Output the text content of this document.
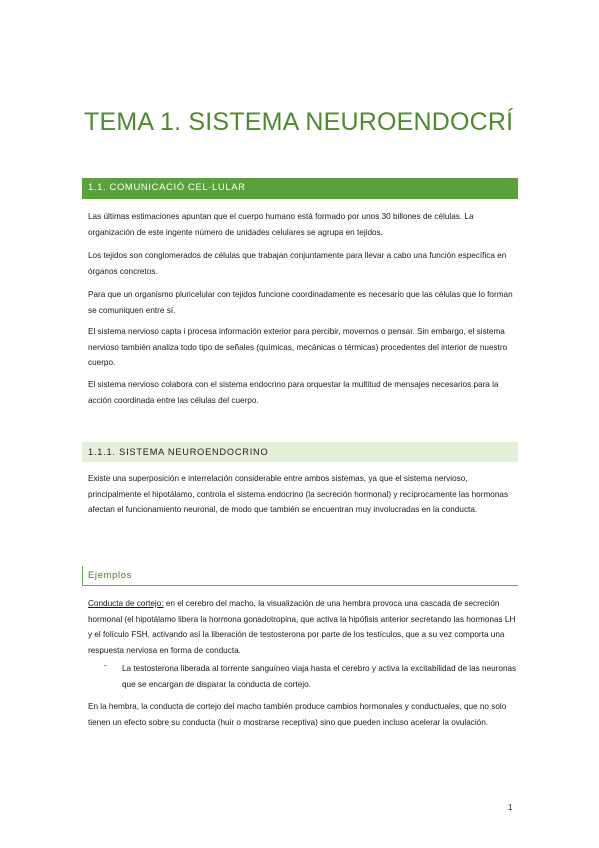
TEMA 1. SISTEMA NEUROENDOCRÍ
1.1. COMUNICACIÓ CEL·LULAR

Las últimas estimaciones apuntan que el cuerpo humano está formado por unos 30 billones de células. La organización de este ingente número de unidades celulares se agrupa en tejidos.

Los tejidos son conglomerados de células que trabajan conjuntamente para llevar a cabo una función específica en órganos concretos.

Para que un organismo pluricelular con tejidos funcione coordinadamente es necesario que las células que lo forman se comuniquen entre sí.

El sistema nervioso capta i procesa información exterior para percibir, movernos o pensar. Sin embargo, el sistema nervioso también analiza todo tipo de señales (químicas, mecánicas o térmicas) procedentes del interior de nuestro cuerpo.

El sistema nervioso colabora con el sistema endocrino para orquestar la multitud de mensajes necesarios para la acción coordinada entre las células del cuerpo.

1.1.1. SISTEMA NEUROENDOCRINO

Existe una superposición e interrelación considerable entre ambos sistemas, ya que el sistema nervioso, principalmente el hipotálamo, controla el sistema endocrino (la secreción hormonal) y recíprocamente las hormonas afectan el funcionamiento neuronal, de modo que también se encuentran muy involucradas en la conducta.

Ejemplos

Conducta de cortejo: en el cerebro del macho, la visualización de una hembra provoca una cascada de secreción hormonal (el hipotálamo libera la hormona gonadotropina, que activa la hipófisis anterior secretando las hormonas LH y el folículo FSH, activando así la liberación de testosterona por parte de los testículos, que a su vez comporta una respuesta nerviosa en forma de conducta.

- La testosterona liberada al torrente sanguíneo viaja hasta el cerebro y activa la excitabilidad de las neuronas que se encargan de disparar la conducta de cortejo.

En la hembra, la conducta de cortejo del macho también produce cambios hormonales y conductuales, que no solo tienen un efecto sobre su conducta (huir o mostrarse receptiva) sino que pueden incluso acelerar la ovulación.

1
